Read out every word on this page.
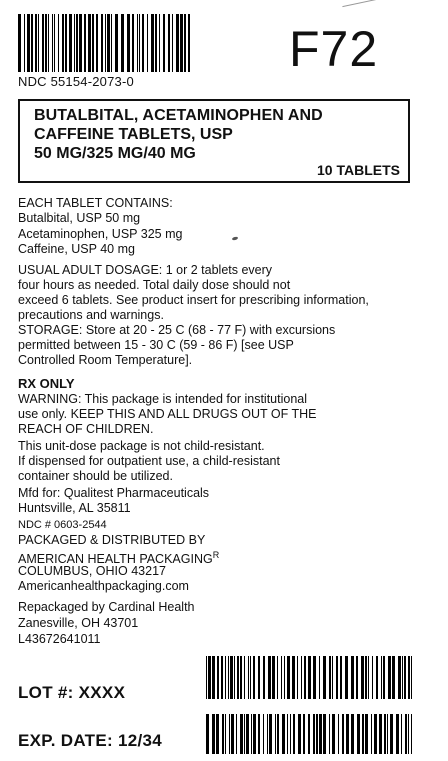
NDC 55154-2073-0
F72
BUTALBITAL, ACETAMINOPHEN AND
CAFFEINE TABLETS, USP
50 MG/325 MG/40 MG
10 TABLETS
EACH TABLET CONTAINS:
Butalbital, USP 50 mg
Acetaminophen, USP 325 mg
Caffeine, USP 40 mg
USUAL ADULT DOSAGE: 1 or 2 tablets every
four hours as needed. Total daily dose should not
exceed 6 tablets. See product insert for prescribing information,
precautions and warnings.
STORAGE: Store at 20 - 25 C (68 - 77 F) with excursions
permitted between 15 - 30 C (59 - 86 F) [see USP
Controlled Room Temperature].
RX ONLY
WARNING: This package is intended for institutional
use only. KEEP THIS AND ALL DRUGS OUT OF THE
REACH OF CHILDREN.
This unit-dose package is not child-resistant.
If dispensed for outpatient use, a child-resistant
container should be utilized.
Mfd for: Qualitest Pharmaceuticals
Huntsville, AL 35811
NDC # 0603-2544
PACKAGED & DISTRIBUTED BY
AMERICAN HEALTH $PACKAGING^R$
COLUMBUS, OHIO 43217
Americanhealthpackaging.com
Repackaged by Cardinal Health
Zanesville, OH 43701
L43672641011
LOT #: XXXX
EXP. DATE: 12/34
